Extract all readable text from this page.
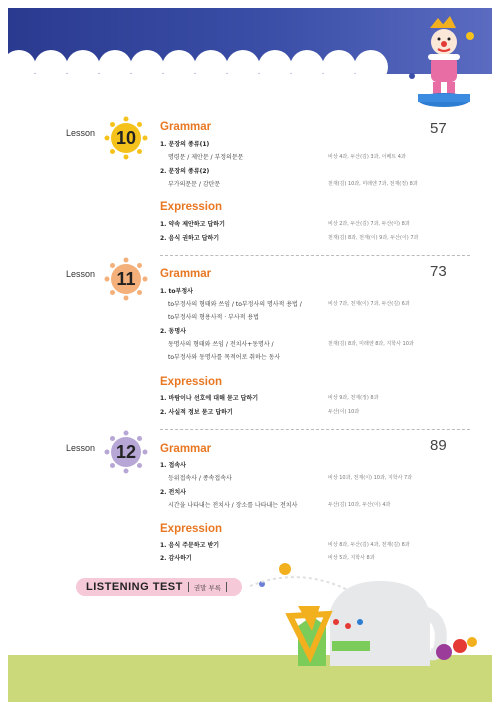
Lesson	10	57
Grammar
1. 문장의 종류(1)
명령문 / 제안문 / 부정의문문	비상 4과, 두산(김) 3과, 이베트 4과
2. 문장의 종류(2)
부가의문문 / 감탄문	천재(김) 10과, 미래엔 7과, 천재(정) 8과
Expression
1. 약속 제안하고 답하기	비상 2과, 두산(김) 7과, 두산(이) 8과
2. 음식 권하고 답하기	천재(김) 8과, 천재(이) 9과, 두산(이) 7과
Lesson	11	73
Grammar
1. to부정사
to부정사의 형태와 쓰임 / to부정사의 명사적 용법 /	비상 7과, 천재(이) 7과, 두산(김) 6과
to부정사의 형용사적 · 부사적 용법
2. 동명사
동명사의 형태와 쓰임 / 전치사+동명사 /	천재(김) 8과, 미래엔 8과, 지학사 10과
to부정사와 동명사를 목적어로 취하는 동사
Expression
1. 바람이나 선호에 대해 묻고 답하기	비상 9과, 천재(정) 8과
2. 사실적 정보 묻고 답하기	두산(이) 10과
Lesson	12	89
Grammar
1. 접속사
등위접속사 / 종속접속사	비상 10과, 천재(이) 10과, 지학사 7과
2. 전치사
시간을 나타내는 전치사 / 장소를 나타내는 전치사	두산(김) 10과, 두산(이) 4과
Expression
1. 음식 주문하고 받기	비상 8과, 두산(김) 4과, 천재(김) 8과
2. 감사하기	비상 5과, 지학사 8과
LISTENING TEST 권말 부록
